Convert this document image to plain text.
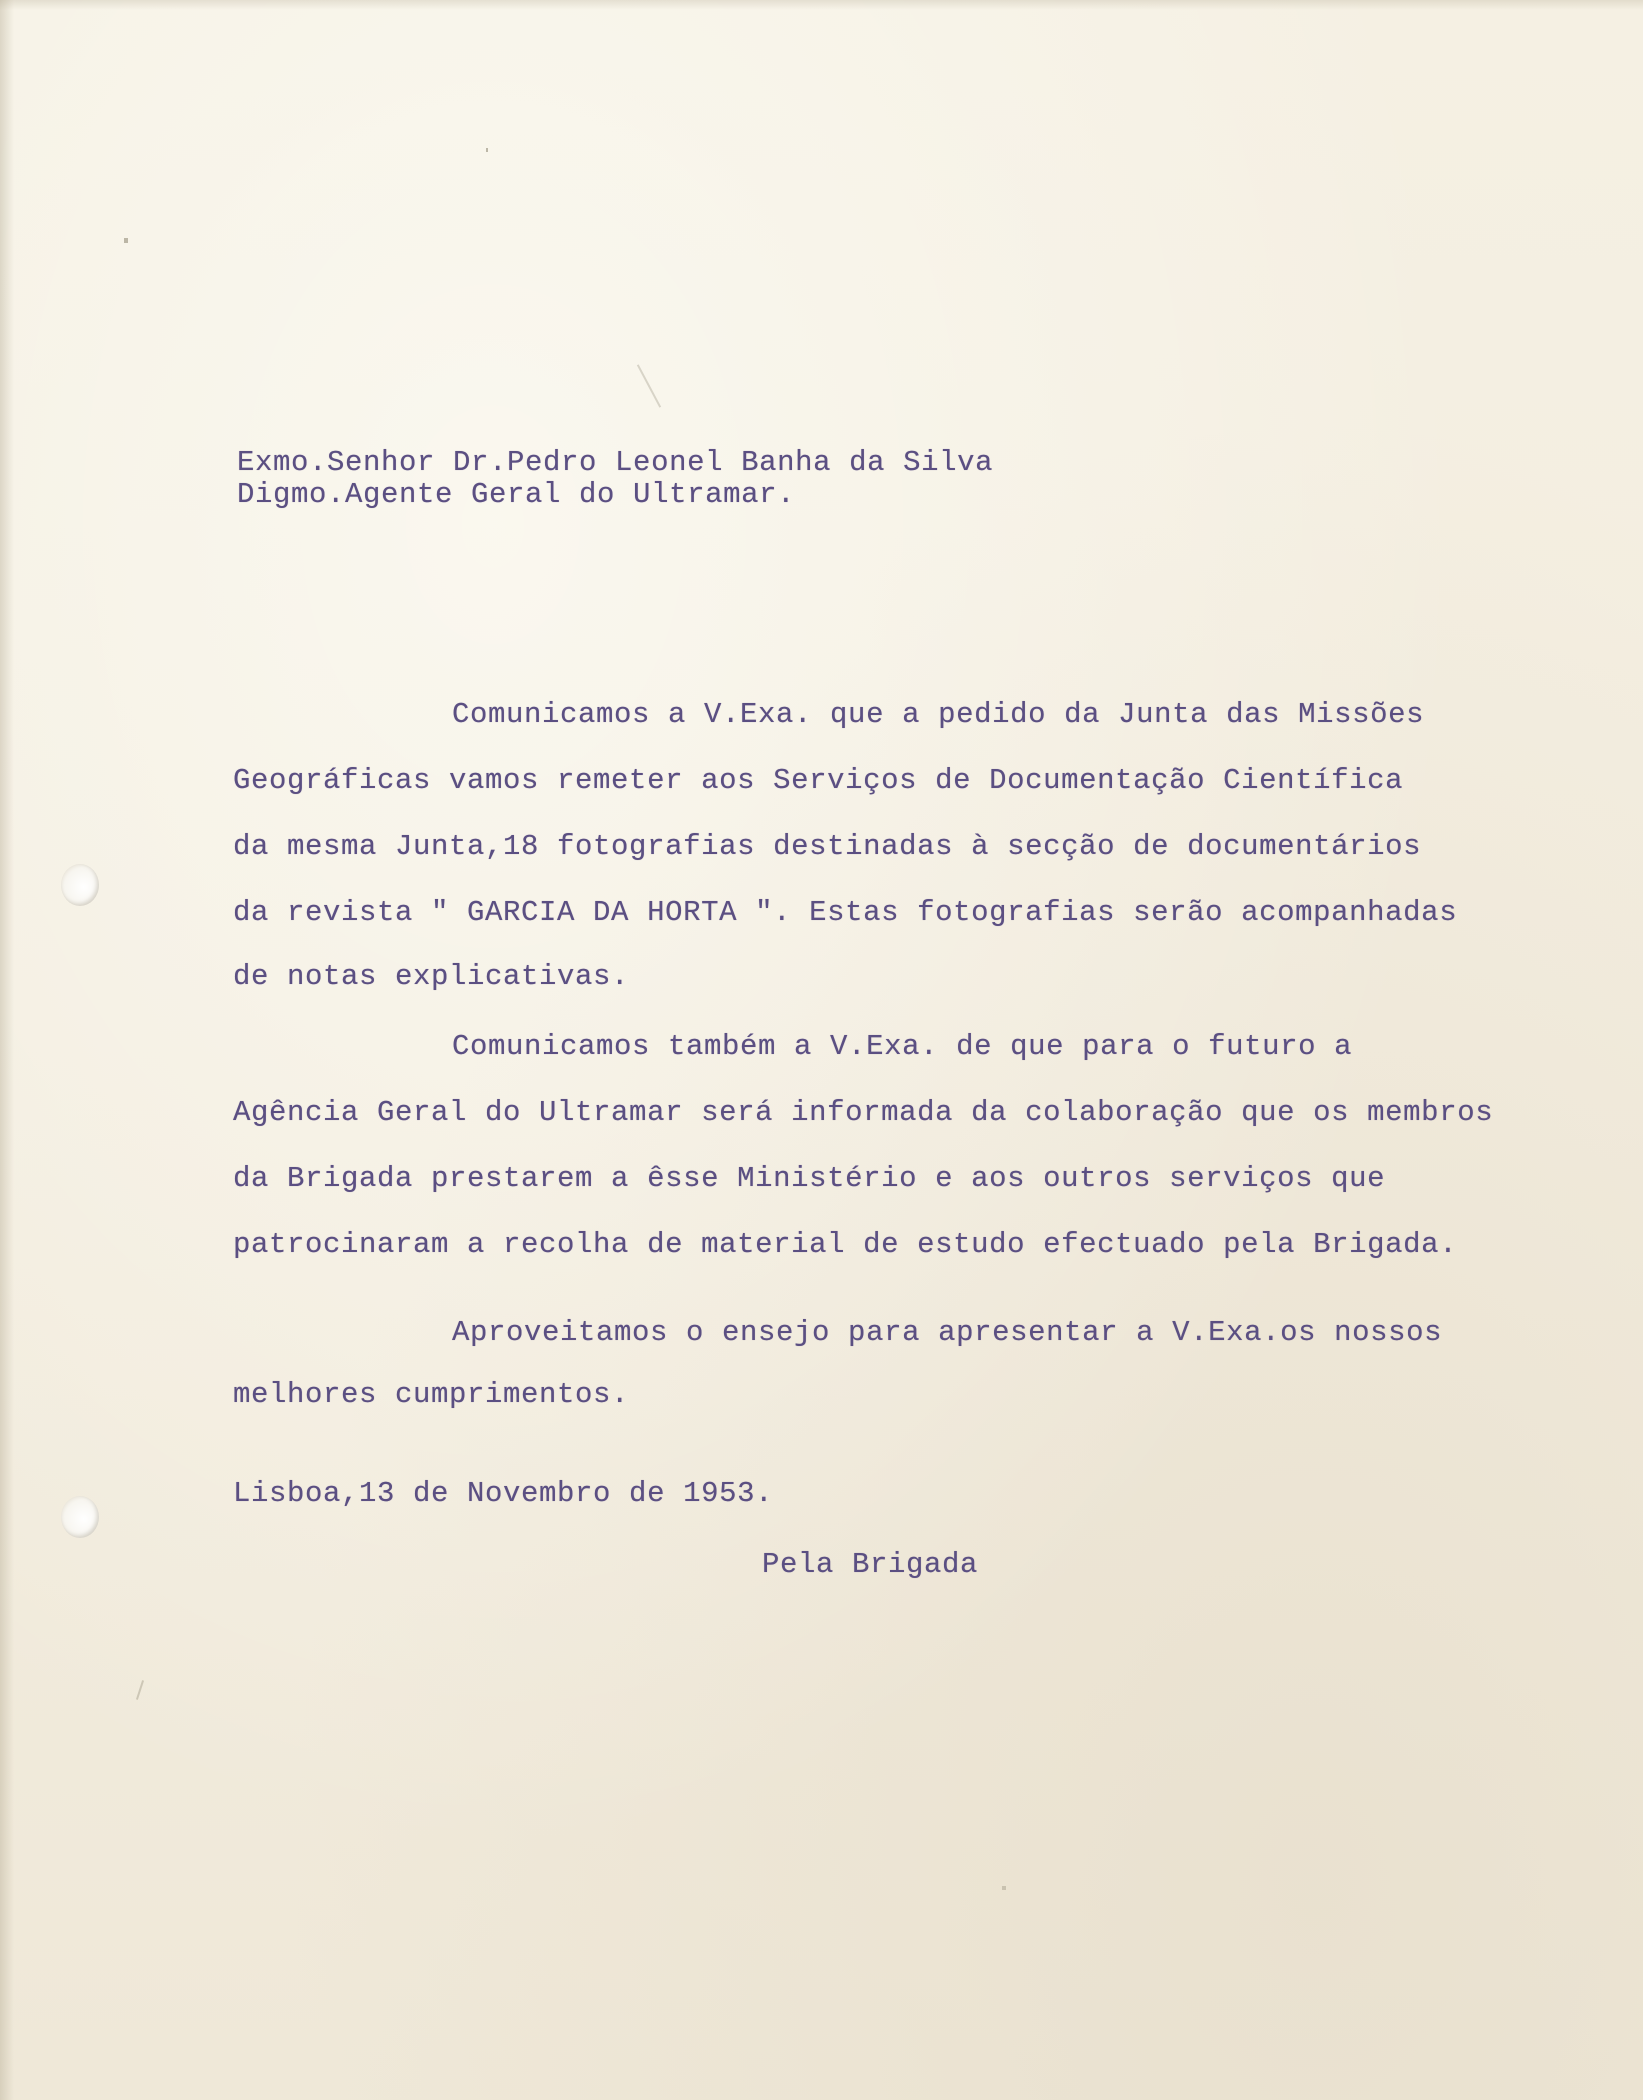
Exmo.Senhor Dr.Pedro Leonel Banha da Silva
Digmo.Agente Geral do Ultramar.
Comunicamos a V.Exa. que a pedido da Junta das Missões
Geográficas vamos remeter aos Serviços de Documentação Científica
da mesma Junta,18 fotografias destinadas à secção de documentários
da revista " GARCIA DA HORTA ". Estas fotografias serão acompanhadas
de notas explicativas.
Comunicamos também a V.Exa. de que para o futuro a
Agência Geral do Ultramar será informada da colaboração que os membros
da Brigada prestarem a êsse Ministério e aos outros serviços que
patrocinaram a recolha de material de estudo efectuado pela Brigada.
Aproveitamos o ensejo para apresentar a V.Exa.os nossos
melhores cumprimentos.
Lisboa,13 de Novembro de 1953.
Pela Brigada
